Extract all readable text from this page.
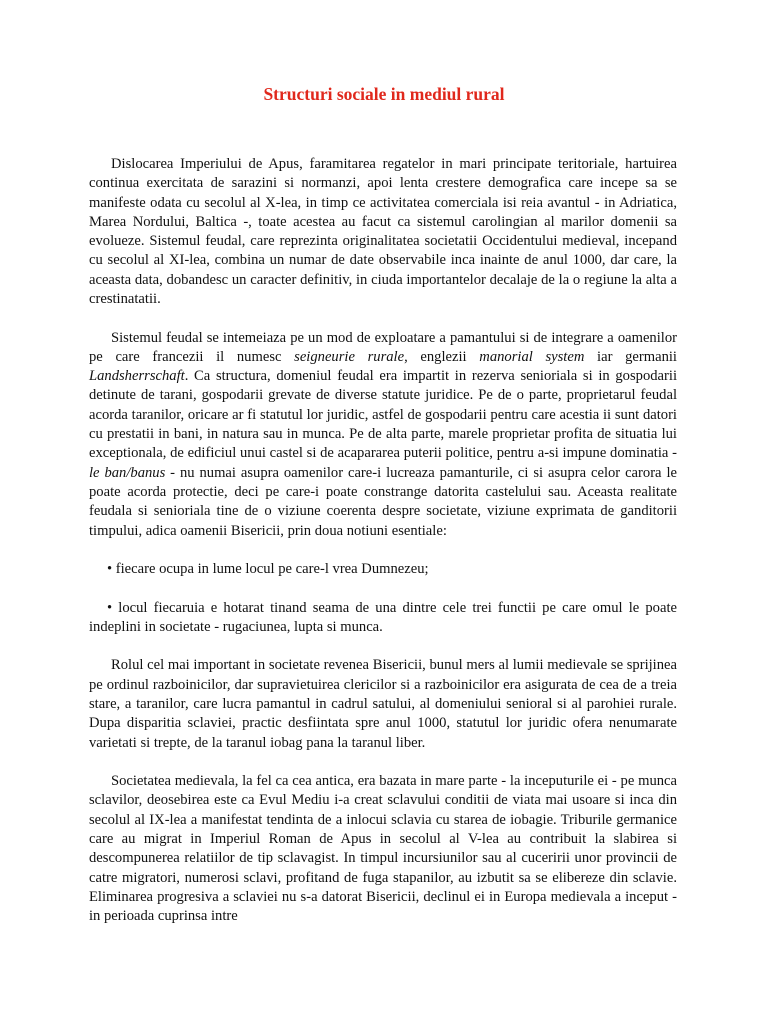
Structuri sociale in mediul rural

Dislocarea Imperiului de Apus, faramitarea regatelor in mari principate teritoriale, hartuirea continua exercitata de sarazini si normanzi, apoi lenta crestere demografica care incepe sa se manifeste odata cu secolul al X-lea, in timp ce activitatea comerciala isi reia avantul - in Adriatica, Marea Nordului, Baltica -, toate acestea au facut ca sistemul carolingian al marilor domenii sa evolueze. Sistemul feudal, care reprezinta originalitatea societatii Occidentului medieval, incepand cu secolul al XI-lea, combina un numar de date observabile inca inainte de anul 1000, dar care, la aceasta data, dobandesc un caracter definitiv, in ciuda importantelor decalaje de la o regiune la alta a crestinatatii.

Sistemul feudal se intemeiaza pe un mod de exploatare a pamantului si de integrare a oamenilor pe care francezii il numesc seigneurie rurale, englezii manorial system iar germanii Landsherrschaft. Ca structura, domeniul feudal era impartit in rezerva senioriala si in gospodarii detinute de tarani, gospodarii grevate de diverse statute juridice. Pe de o parte, proprietarul feudal acorda taranilor, oricare ar fi statutul lor juridic, astfel de gospodarii pentru care acestia ii sunt datori cu prestatii in bani, in natura sau in munca. Pe de alta parte, marele proprietar profita de situatia lui exceptionala, de edificiul unui castel si de acapararea puterii politice, pentru a-si impune dominatia - le ban/banus - nu numai asupra oamenilor care-i lucreaza pamanturile, ci si asupra celor carora le poate acorda protectie, deci pe care-i poate constrange datorita castelului sau. Aceasta realitate feudala si senioriala tine de o viziune coerenta despre societate, viziune exprimata de ganditorii timpului, adica oamenii Bisericii, prin doua notiuni esentiale:

• fiecare ocupa in lume locul pe care-l vrea Dumnezeu;

• locul fiecaruia e hotarat tinand seama de una dintre cele trei functii pe care omul le poate indeplini in societate - rugaciunea, lupta si munca.

Rolul cel mai important in societate revenea Bisericii, bunul mers al lumii medievale se sprijinea pe ordinul razboinicilor, dar supravietuirea clericilor si a razboinicilor era asigurata de cea de a treia stare, a taranilor, care lucra pamantul in cadrul satului, al domeniului senioral si al parohiei rurale. Dupa disparitia sclaviei, practic desfiintata spre anul 1000, statutul lor juridic ofera nenumarate varietati si trepte, de la taranul iobag pana la taranul liber.

Societatea medievala, la fel ca cea antica, era bazata in mare parte - la inceputurile ei - pe munca sclavilor, deosebirea este ca Evul Mediu i-a creat sclavului conditii de viata mai usoare si inca din secolul al IX-lea a manifestat tendinta de a inlocui sclavia cu starea de iobagie. Triburile germanice care au migrat in Imperiul Roman de Apus in secolul al V-lea au contribuit la slabirea si descompunerea relatiilor de tip sclavagist. In timpul incursiunilor sau al cuceririi unor provincii de catre migratori, numerosi sclavi, profitand de fuga stapanilor, au izbutit sa se elibereze din sclavie. Eliminarea progresiva a sclaviei nu s-a datorat Bisericii, declinul ei in Europa medievala a inceput - in perioada cuprinsa intre
